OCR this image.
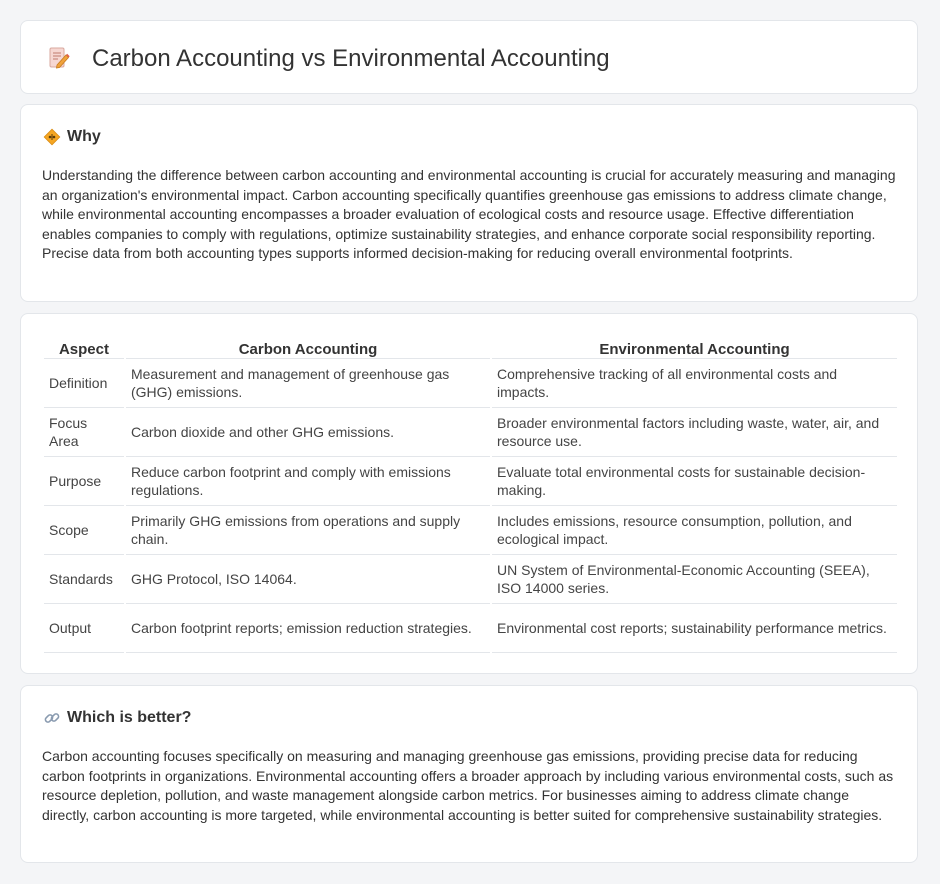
Carbon Accounting vs Environmental Accounting
Why

Understanding the difference between carbon accounting and environmental accounting is crucial for accurately measuring and managing an organization's environmental impact. Carbon accounting specifically quantifies greenhouse gas emissions to address climate change, while environmental accounting encompasses a broader evaluation of ecological costs and resource usage. Effective differentiation enables companies to comply with regulations, optimize sustainability strategies, and enhance corporate social responsibility reporting. Precise data from both accounting types supports informed decision-making for reducing overall environmental footprints.

Aspect	Carbon Accounting	Environmental Accounting
Definition	Measurement and management of greenhouse gas (GHG) emissions.	Comprehensive tracking of all environmental costs and impacts.
Focus Area	Carbon dioxide and other GHG emissions.	Broader environmental factors including waste, water, air, and resource use.
Purpose	Reduce carbon footprint and comply with emissions regulations.	Evaluate total environmental costs for sustainable decision-making.
Scope	Primarily GHG emissions from operations and supply chain.	Includes emissions, resource consumption, pollution, and ecological impact.
Standards	GHG Protocol, ISO 14064.	UN System of Environmental-Economic Accounting (SEEA), ISO 14000 series.
Output	Carbon footprint reports; emission reduction strategies.	Environmental cost reports; sustainability performance metrics.
Which is better?

Carbon accounting focuses specifically on measuring and managing greenhouse gas emissions, providing precise data for reducing carbon footprints in organizations. Environmental accounting offers a broader approach by including various environmental costs, such as resource depletion, pollution, and waste management alongside carbon metrics. For businesses aiming to address climate change directly, carbon accounting is more targeted, while environmental accounting is better suited for comprehensive sustainability strategies.
